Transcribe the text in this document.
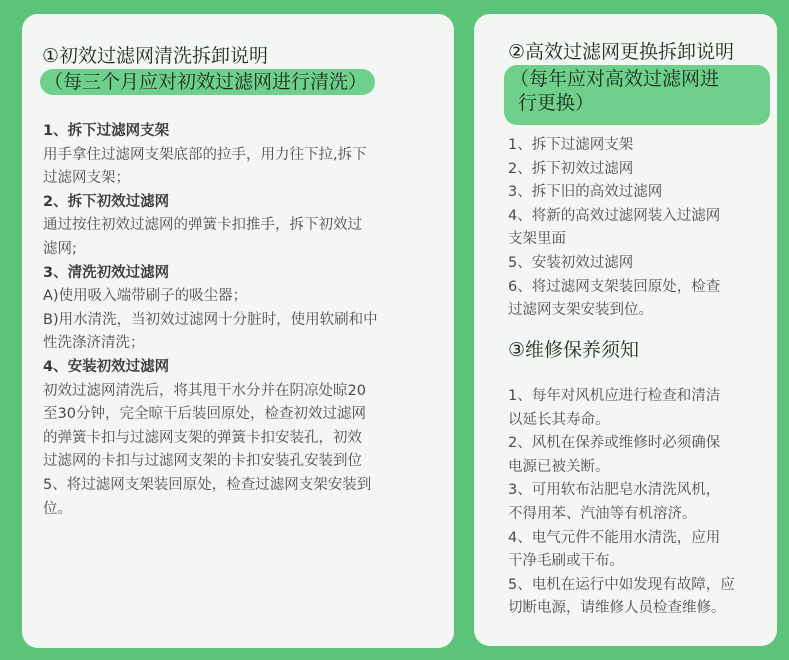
①初效过滤网清洗拆卸说明
（每三个月应对初效过滤网进行清洗）
1、拆下过滤网支架
用手拿住过滤网支架底部的拉手，用力往下拉,拆下
过滤网支架；
2、拆下初效过滤网
通过按住初效过滤网的弹簧卡扣推手，拆下初效过
滤网;
3、清洗初效过滤网
A)使用吸入端带刷子的吸尘器；
B)用水清洗，当初效过滤网十分脏时，使用软刷和中
性洗涤济清洗；
4、安装初效过滤网
初效过滤网清洗后，将其甩干水分并在阴凉处晾20
至30分钟，完全晾干后装回原处，检查初效过滤网
的弹簧卡扣与过滤网支架的弹簧卡扣安装孔，初效
过滤网的卡扣与过滤网支架的卡扣安装孔安装到位
5、将过滤网支架装回原处，检查过滤网支架安装到
位。
②高效过滤网更换拆卸说明
（每年应对高效过滤网进
行更换）
1、拆下过滤网支架
2、拆下初效过滤网
3、拆下旧的高效过滤网
4、将新的高效过滤网装入过滤网
支架里面
5、安装初效过滤网
6、将过滤网支架装回原处，检查
过滤网支架安装到位。
③维修保养须知
1、每年对风机应进行检查和清洁
以延长其寿命。
2、风机在保养或维修时必须确保
电源已被关断。
3、可用软布沾肥皂水清洗风机，
不得用苯、汽油等有机溶济。
4、电气元件不能用水清洗，应用
干净毛刷或干布。
5、电机在运行中如发现有故障，应
切断电源，请维修人员检查维修。
